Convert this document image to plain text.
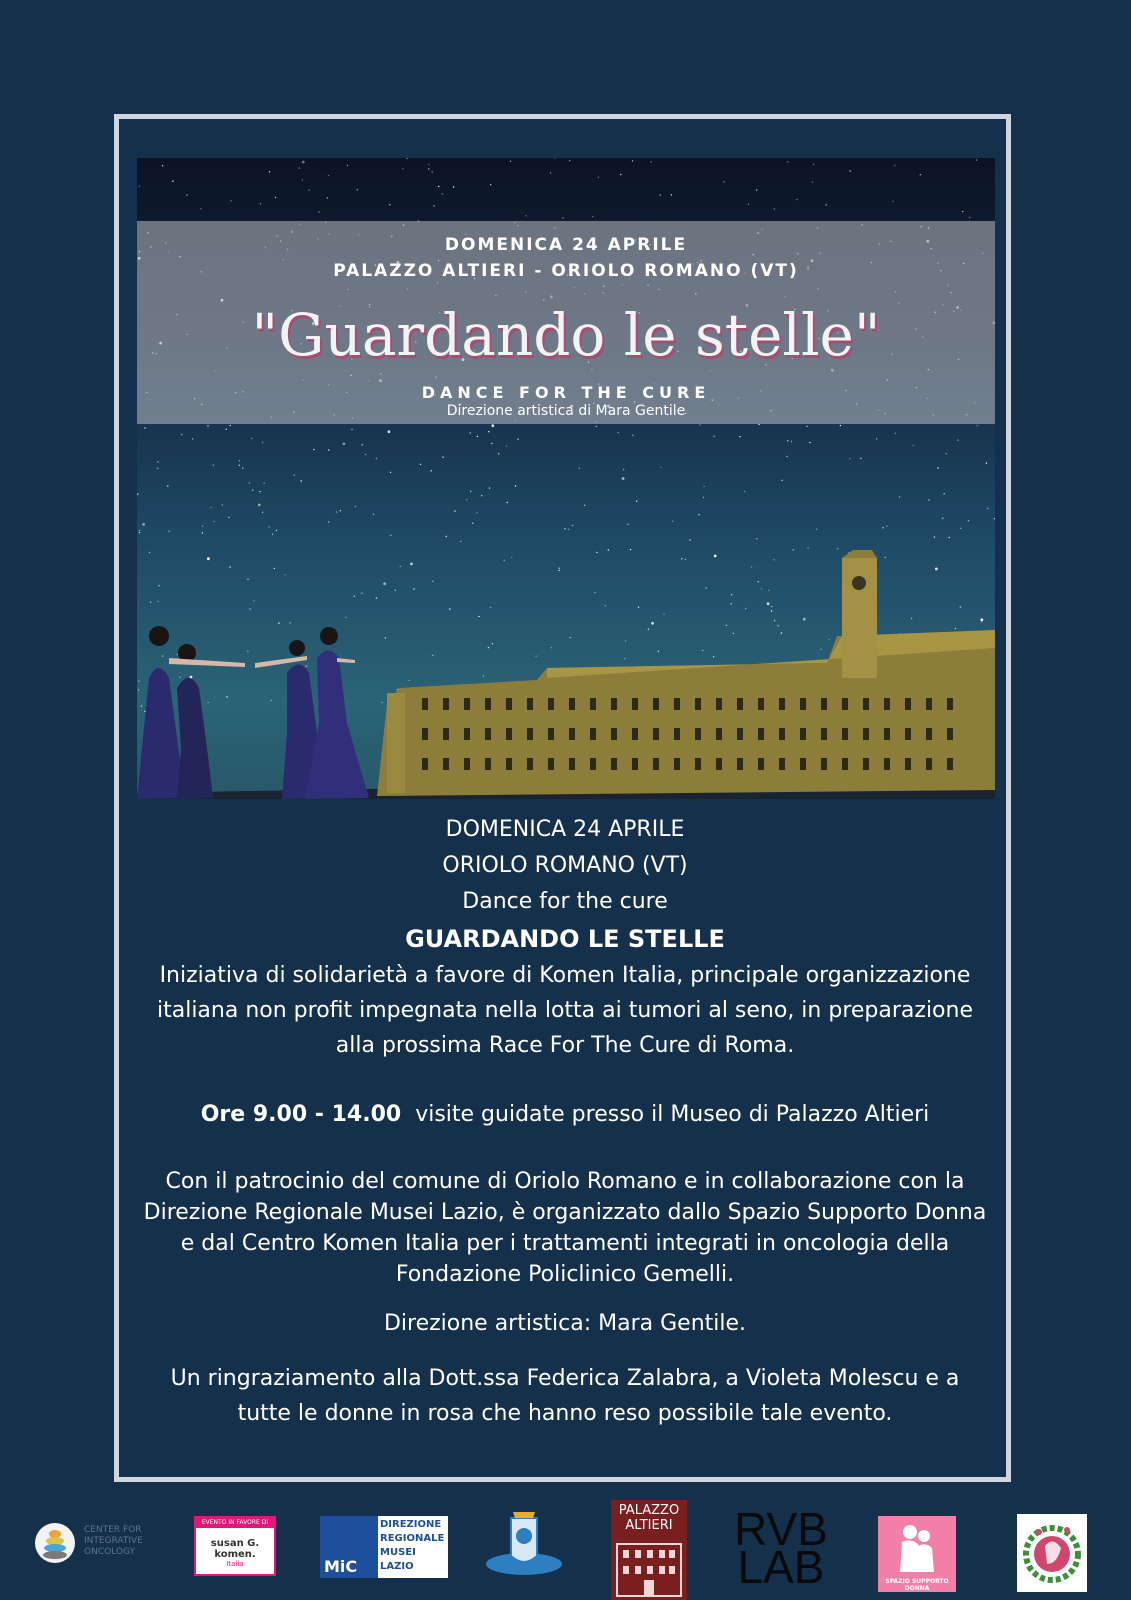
DOMENICA 24 APRILE
PALAZZO ALTIERI - ORIOLO ROMANO (VT)
"Guardando le stelle"
DANCE FOR THE CURE
Direzione artistica di Mara Gentile
DOMENICA 24 APRILE
ORIOLO ROMANO (VT)
Dance for the cure
GUARDANDO LE STELLE

Iniziativa di solidarietà a favore di Komen Italia, principale organizzazione italiana non profit impegnata nella lotta ai tumori al seno, in preparazione alla prossima Race For The Cure di Roma.

Ore 9.00 - 14.00 visite guidate presso il Museo di Palazzo Altieri

Con il patrocinio del comune di Oriolo Romano e in collaborazione con la Direzione Regionale Musei Lazio, è organizzato dallo Spazio Supporto Donna e dal Centro Komen Italia per i trattamenti integrati in oncologia della Fondazione Policlinico Gemelli.

Direzione artistica: Mara Gentile.

Un ringraziamento alla Dott.ssa Federica Zalabra, a Violeta Molescu e a tutte le donne in rosa che hanno reso possibile tale evento.

CENTER FOR
INTEGRATIVE
ONCOLOGY
EVENTO IN FAVORE DI
susan G. komen.
Italia	MiC
DIREZIONE
REGIONALE
MUSEI
LAZIO
PALAZZO
ALTIERI	RVB
LAB	SPAZIO SUPPORTO DONNA
